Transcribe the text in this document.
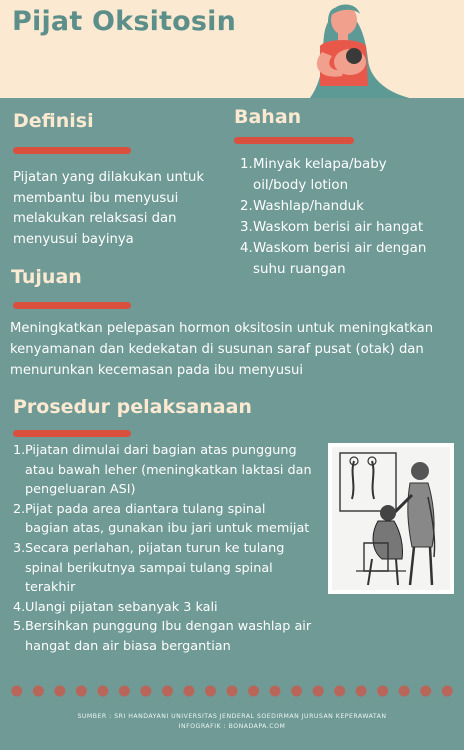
Pijat Oksitosin
Definisi
Pijatan yang dilakukan untuk
membantu ibu menyusui
melakukan relaksasi dan
menyusui bayinya
Bahan
1. Minyak kelapa/baby
oil/body lotion
2. Washlap/handuk
3. Waskom berisi air hangat
4. Waskom berisi air dengan
suhu ruangan
Tujuan
Meningkatkan pelepasan hormon oksitosin untuk meningkatkan
kenyamanan dan kedekatan di susunan saraf pusat (otak) dan
menurunkan kecemasan pada ibu menyusui
Prosedur pelaksanaan
1. Pijatan dimulai dari bagian atas punggung
atau bawah leher (meningkatkan laktasi dan
pengeluaran ASI)
2. Pijat pada area diantara tulang spinal
bagian atas, gunakan ibu jari untuk memijat
3. Secara perlahan, pijatan turun ke tulang
spinal berikutnya sampai tulang spinal
terakhir
4. Ulangi pijatan sebanyak 3 kali
5. Bersihkan punggung Ibu dengan washlap air
hangat dan air biasa bergantian
SUMBER : SRI HANDAYANI UNIVERSITAS JENDERAL SOEDIRMAN JURUSAN KEPERAWATAN
INFOGRAFIK : BONADAPA.COM
